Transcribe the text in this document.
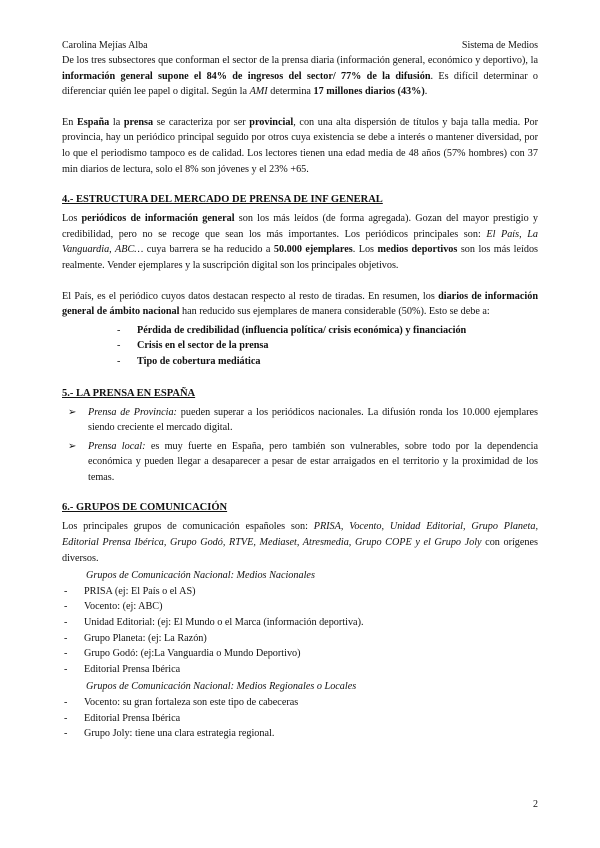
Carolina Mejías Alba	Sistema de Medios

De los tres subsectores que conforman el sector de la prensa diaria (información general, económico y deportivo), la información general supone el 84% de ingresos del sector/ 77% de la difusión. Es difícil determinar o diferenciar quién lee papel o digital. Según la AMI determina 17 millones diarios (43%).

En España la prensa se caracteriza por ser provincial, con una alta dispersión de títulos y baja talla media. Por provincia, hay un periódico principal seguido por otros cuya existencia se debe a interés o mantener diversidad, por lo que el periodismo tampoco es de calidad. Los lectores tienen una edad media de 48 años (57% hombres) con 37 min diarios de lectura, solo el 8% son jóvenes y el 23% +65.

4.- ESTRUCTURA DEL MERCADO DE PRENSA DE INF GENERAL

Los periódicos de información general son los más leídos (de forma agregada). Gozan del mayor prestigio y credibilidad, pero no se recoge que sean los más importantes. Los periódicos principales son: El País, La Vanguardia, ABC… cuya barrera se ha reducido a 50.000 ejemplares. Los medios deportivos son los más leídos realmente. Vender ejemplares y la suscripción digital son los principales objetivos.

El País, es el periódico cuyos datos destacan respecto al resto de tiradas. En resumen, los diarios de información general de ámbito nacional han reducido sus ejemplares de manera considerable (50%). Esto se debe a:

- Pérdida de credibilidad (influencia política/ crisis económica) y financiación
- Crisis en el sector de la prensa
- Tipo de cobertura mediática
5.- LA PRENSA EN ESPAÑA
➢ Prensa de Provincia: pueden superar a los periódicos nacionales. La difusión ronda los 10.000 ejemplares siendo creciente el mercado digital.
➢ Prensa local: es muy fuerte en España, pero también son vulnerables, sobre todo por la dependencia económica y pueden llegar a desaparecer a pesar de estar arraigados en el territorio y la proximidad de los temas.
6.- GRUPOS DE COMUNICACIÓN

Los principales grupos de comunicación españoles son: PRISA, Vocento, Unidad Editorial, Grupo Planeta, Editorial Prensa Ibérica, Grupo Godó, RTVE, Mediaset, Atresmedia, Grupo COPE y el Grupo Joly con orígenes diversos.

Grupos de Comunicación Nacional: Medios Nacionales
- PRISA (ej: El País o el AS)
- Vocento: (ej: ABC)
- Unidad Editorial: (ej: El Mundo o el Marca (información deportiva).
- Grupo Planeta: (ej: La Razón)
- Grupo Godó: (ej:La Vanguardia o Mundo Deportivo)
- Editorial Prensa Ibérica
Grupos de Comunicación Nacional: Medios Regionales o Locales
- Vocento: su gran fortaleza son este tipo de cabeceras
- Editorial Prensa Ibérica
- Grupo Joly: tiene una clara estrategia regional.
2
